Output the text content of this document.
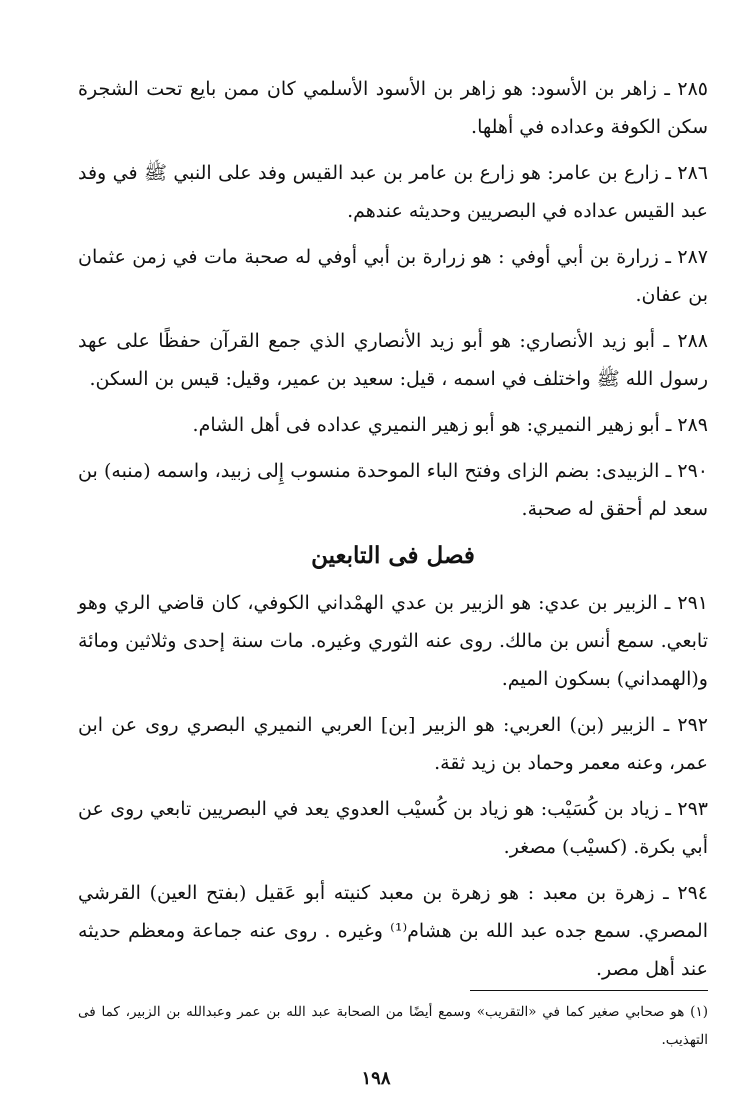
٢٨٥ ـ زاهر بن الأسود: هو زاهر بن الأسود الأسلمي كان ممن بايع تحت الشجرة سكن الكوفة وعداده في أهلها.

٢٨٦ ـ زارع بن عامر: هو زارع بن عامر بن عبد القيس وفد على النبي ﷺ في وفد عبد القيس عداده في البصريين وحديثه عندهم.

٢٨٧ ـ زرارة بن أبي أوفي : هو زرارة بن أبي أوفي له صحبة مات في زمن عثمان بن عفان.

٢٨٨ ـ أبو زيد الأنصاري: هو أبو زيد الأنصاري الذي جمع القرآن حفظًا على عهد رسول الله ﷺ واختلف في اسمه ، قيل: سعيد بن عمير، وقيل: قيس بن السكن.

٢٨٩ ـ أبو زهير النميري: هو أبو زهير النميري عداده فى أهل الشام.

٢٩٠ ـ الزبيدى: بضم الزاى وفتح الباء الموحدة منسوب إِلى زبيد، واسمه (منبه) بن سعد لم أحقق له صحبة.

فصل فى التابعين

٢٩١ ـ الزبير بن عدي: هو الزبير بن عدي الهمْداني الكوفي، كان قاضي الري وهو تابعي. سمع أنس بن مالك. روى عنه الثوري وغيره. مات سنة إحدى وثلاثين ومائة و(الهمداني) بسكون الميم.

٢٩٢ ـ الزبير (بن) العربي: هو الزبير [بن] العربي النميري البصري روى عن ابن عمر، وعنه معمر وحماد بن زيد ثقة.

٢٩٣ ـ زياد بن كُسَيْب: هو زياد بن كُسيْب العدوي يعد في البصريين تابعي روى عن أبي بكرة. (كسيْب) مصغر.

٢٩٤ ـ زهرة بن معبد : هو زهرة بن معبد كنيته أبو عَقيل (بفتح العين) القرشي المصري. سمع جده عبد الله بن هشام⁽¹⁾ وغيره . روى عنه جماعة ومعظم حديثه عند أهل مصر.

(١) هو صحابي صغير كما في «التقريب» وسمع أيضًا من الصحابة عبد الله بن عمر وعبدالله بن الزبير، كما فى التهذيب.
١٩٨
